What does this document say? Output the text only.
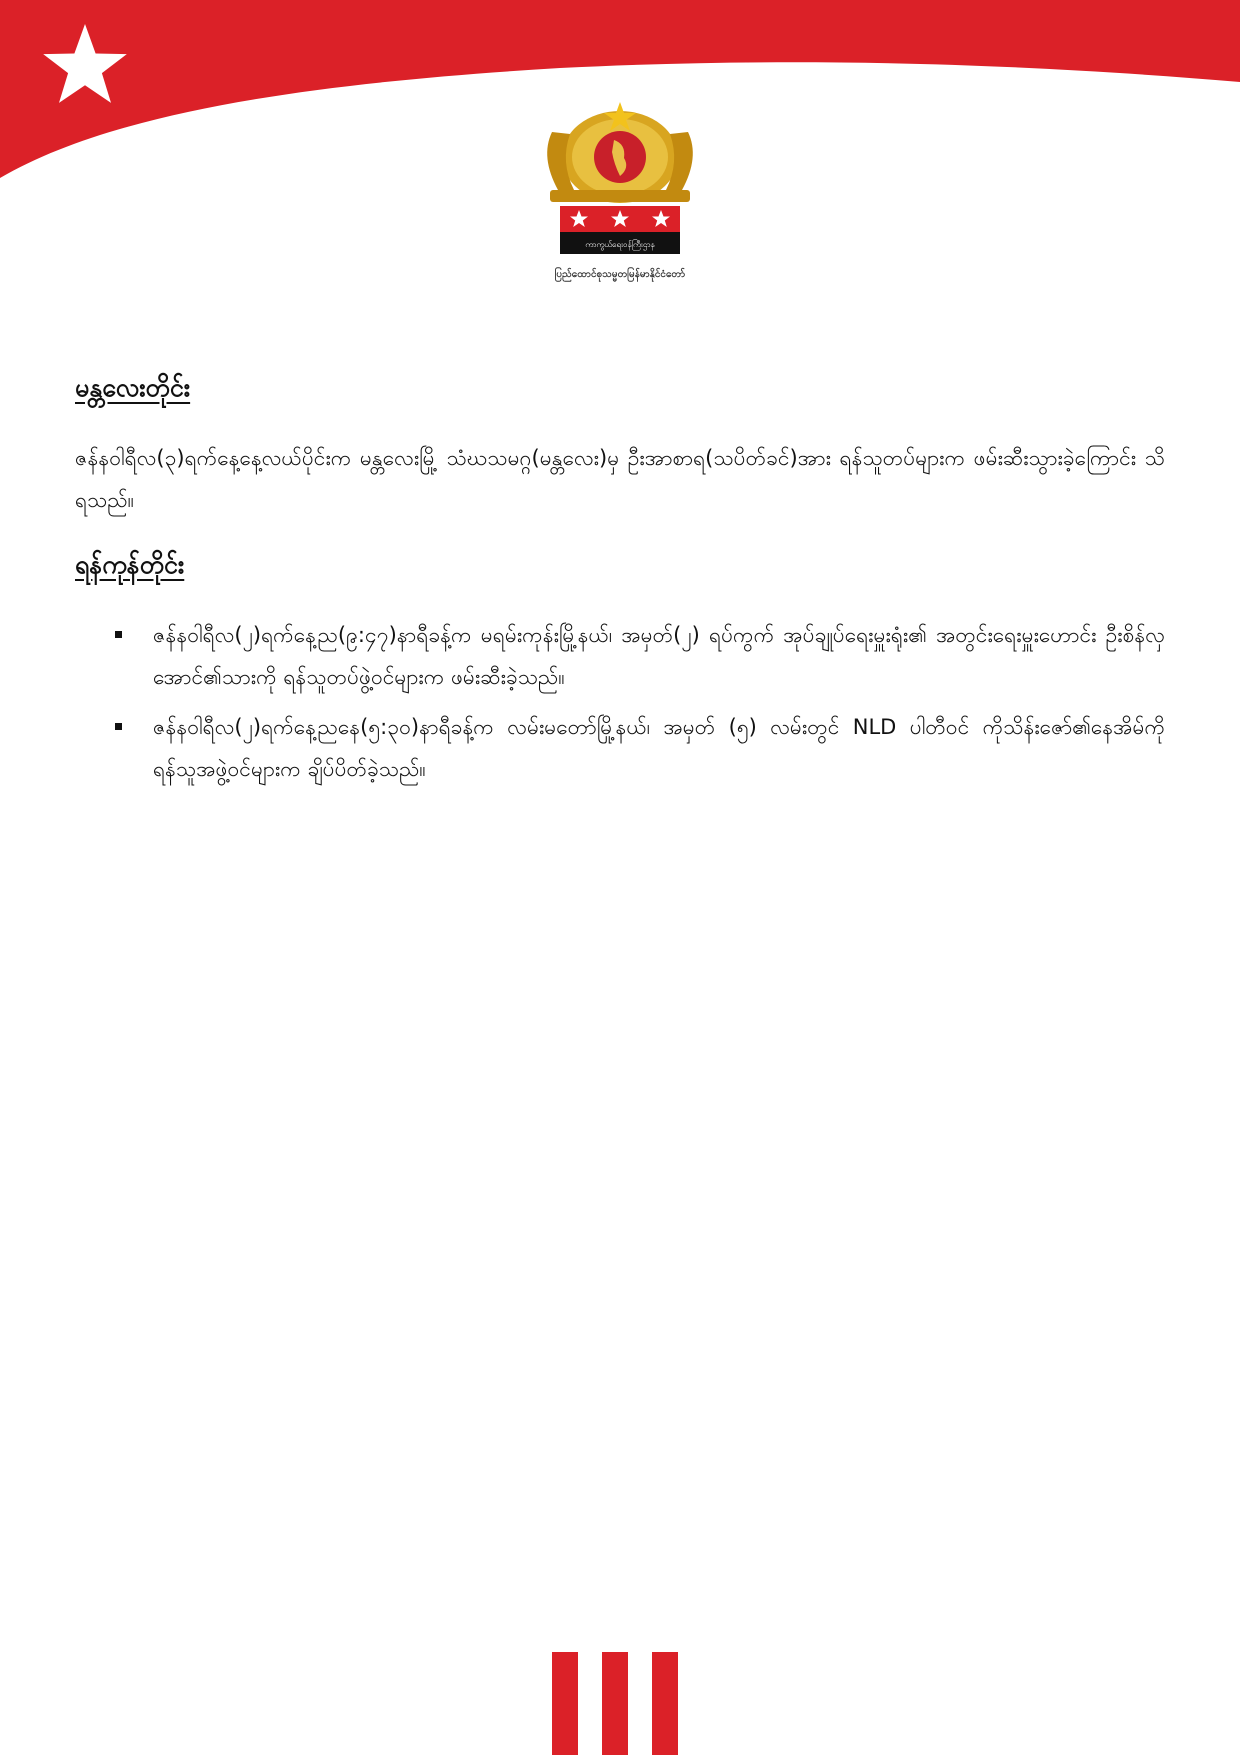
ကာကွယ်ရေးဝန်ကြီးဌာန
ပြည်ထောင်စုသမ္မတမြန်မာနိုင်ငံတော်
မန္တလေးတိုင်း

ဇန်နဝါရီလ(၃)ရက်နေ့နေ့လယ်ပိုင်းက မန္တလေးမြို့ သံဃသမဂ္ဂ(မန္တလေး)မှ ဦးအာစာရ(သပိတ်ခင်)အား ရန်သူတပ်များက ဖမ်းဆီးသွားခဲ့ကြောင်း သိရသည်။

ရန်ကုန်တိုင်း
ဇန်နဝါရီလ(၂)ရက်နေ့ည(၉:၄၇)နာရီခန့်က မရမ်းကုန်းမြို့နယ်၊ အမှတ်(၂) ရပ်ကွက် အုပ်ချုပ်ရေးမှူးရုံး၏ အတွင်းရေးမှူးဟောင်း ဦးစိန်လှအောင်၏သားကို ရန်သူတပ်ဖွဲ့ဝင်များက ဖမ်းဆီးခဲ့သည်။
ဇန်နဝါရီလ(၂)ရက်နေ့ညနေ(၅:၃၀)နာရီခန့်က လမ်းမတော်မြို့နယ်၊ အမှတ် (၅) လမ်းတွင် NLD ပါတီဝင် ကိုသိန်းဇော်၏နေအိမ်ကို ရန်သူအဖွဲ့ဝင်များက ချိပ်ပိတ်ခဲ့သည်။
